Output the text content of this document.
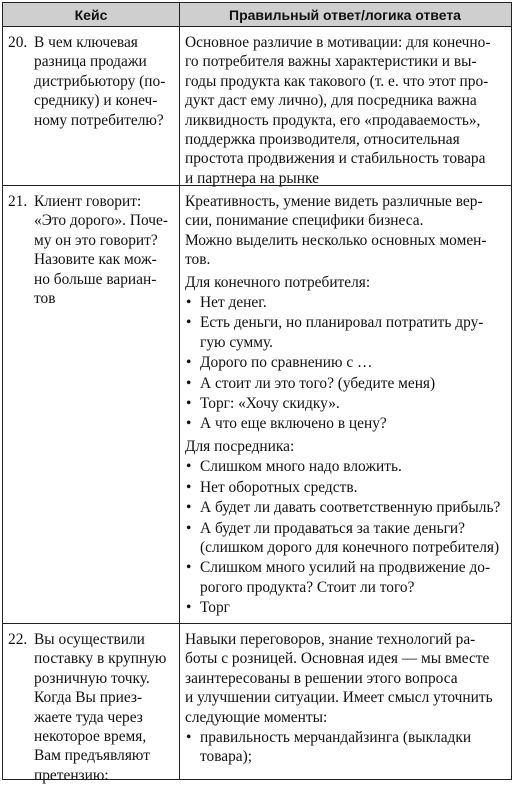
Кейс	Правильный ответ/логика ответа
20. В чем ключевая
разница продажи
дистрибьютору (по-
среднику) и конеч-
ному потребителю?

Основное различие в мотивации: для конечно-
го потребителя важны характеристики и вы-
годы продукта как такового (т. е. что этот про-
дукт даст ему лично), для посредника важна
ликвидность продукта, его «продаваемость»,
поддержка производителя, относительная
простота продвижения и стабильность товара
и партнера на рынке

21. Клиент говорит:
«Это дорого». Почe-
му он это говорит?
Назовите как мож-
но больше вариан-
тов

Креативность, умение видеть различные вер-
сии, понимание специфики бизнеса.
Можно выделить несколько основных момен-
тов.

Для конечного потребителя:

• Нет денег.
• Есть деньги, но планировал потратить дру-
гую сумму.
• Дорого по сравнению с …
• А стоит ли это того? (убедите меня)
• Торг: «Хочу скидку».
• А что еще включено в цену?

Для посредника:

• Слишком много надо вложить.
• Нет оборотных средств.
• А будет ли давать соответственную прибыль?
• А будет ли продаваться за такие деньги?
(слишком дорого для конечного потребителя)
• Слишком много усилий на продвижение до-
рогого продукта? Стоит ли того?
• Торг
22. Вы осуществили
поставку в крупную
розничную точку.
Когда Вы приез-
жаете туда через
некоторое время,
Вам предъявляют
претензию:

Навыки переговоров, знание технологий ра-
боты с розницей. Основная идея — мы вместе
заинтересованы в решении этого вопроса
и улучшении ситуации. Имеет смысл уточнить
следующие моменты:

• правильность мерчандайзинга (выкладки
товара);
